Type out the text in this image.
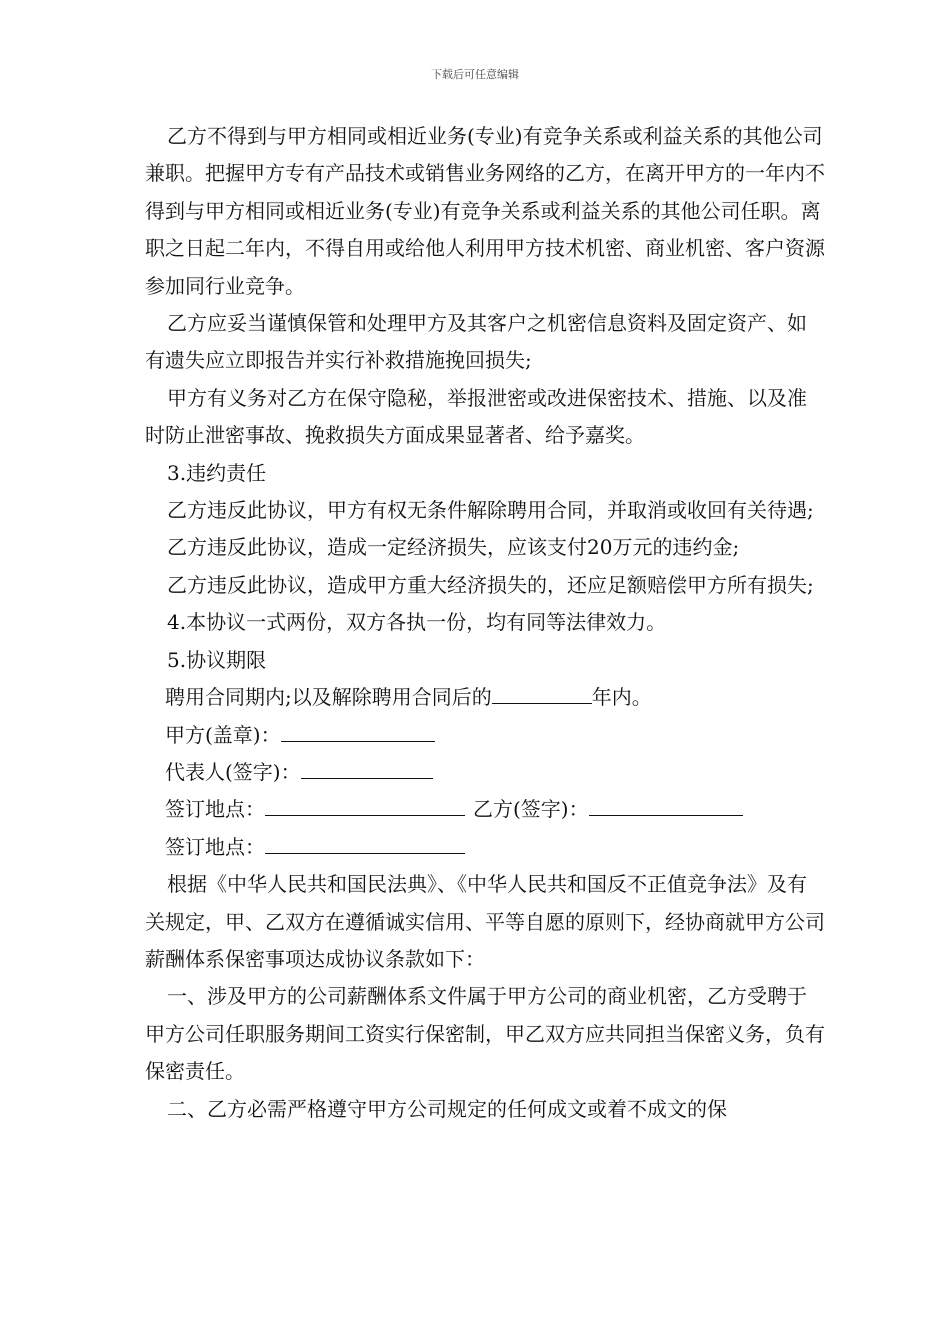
下载后可任意编辑

乙方不得到与甲方相同或相近业务(专业)有竞争关系或利益关系的其他公司兼职。把握甲方专有产品技术或销售业务网络的乙方，在离开甲方的一年内不得到与甲方相同或相近业务(专业)有竞争关系或利益关系的其他公司任职。离职之日起二年内，不得自用或给他人利用甲方技术机密、商业机密、客户资源参加同行业竞争。

乙方应妥当谨慎保管和处理甲方及其客户之机密信息资料及固定资产、如有遗失应立即报告并实行补救措施挽回损失;

甲方有义务对乙方在保守隐秘，举报泄密或改进保密技术、措施、以及准时防止泄密事故、挽救损失方面成果显著者、给予嘉奖。

3.违约责任

乙方违反此协议，甲方有权无条件解除聘用合同，并取消或收回有关待遇;

乙方违反此协议，造成一定经济损失，应该支付20万元的违约金;

乙方违反此协议，造成甲方重大经济损失的，还应足额赔偿甲方所有损失;

4.本协议一式两份，双方各执一份，均有同等法律效力。

5.协议期限

聘用合同期内;以及解除聘用合同后的	年内。
甲方(盖章)：
代表人(签字)：
签订地点：	乙方(签字)：
签订地点：

根据《中华人民共和国民法典》、《中华人民共和国反不正值竞争法》及有关规定，甲、乙双方在遵循诚实信用、平等自愿的原则下，经协商就甲方公司薪酬体系保密事项达成协议条款如下：

一、涉及甲方的公司薪酬体系文件属于甲方公司的商业机密，乙方受聘于甲方公司任职服务期间工资实行保密制，甲乙双方应共同担当保密义务，负有保密责任。

二、乙方必需严格遵守甲方公司规定的任何成文或着不成文的保
